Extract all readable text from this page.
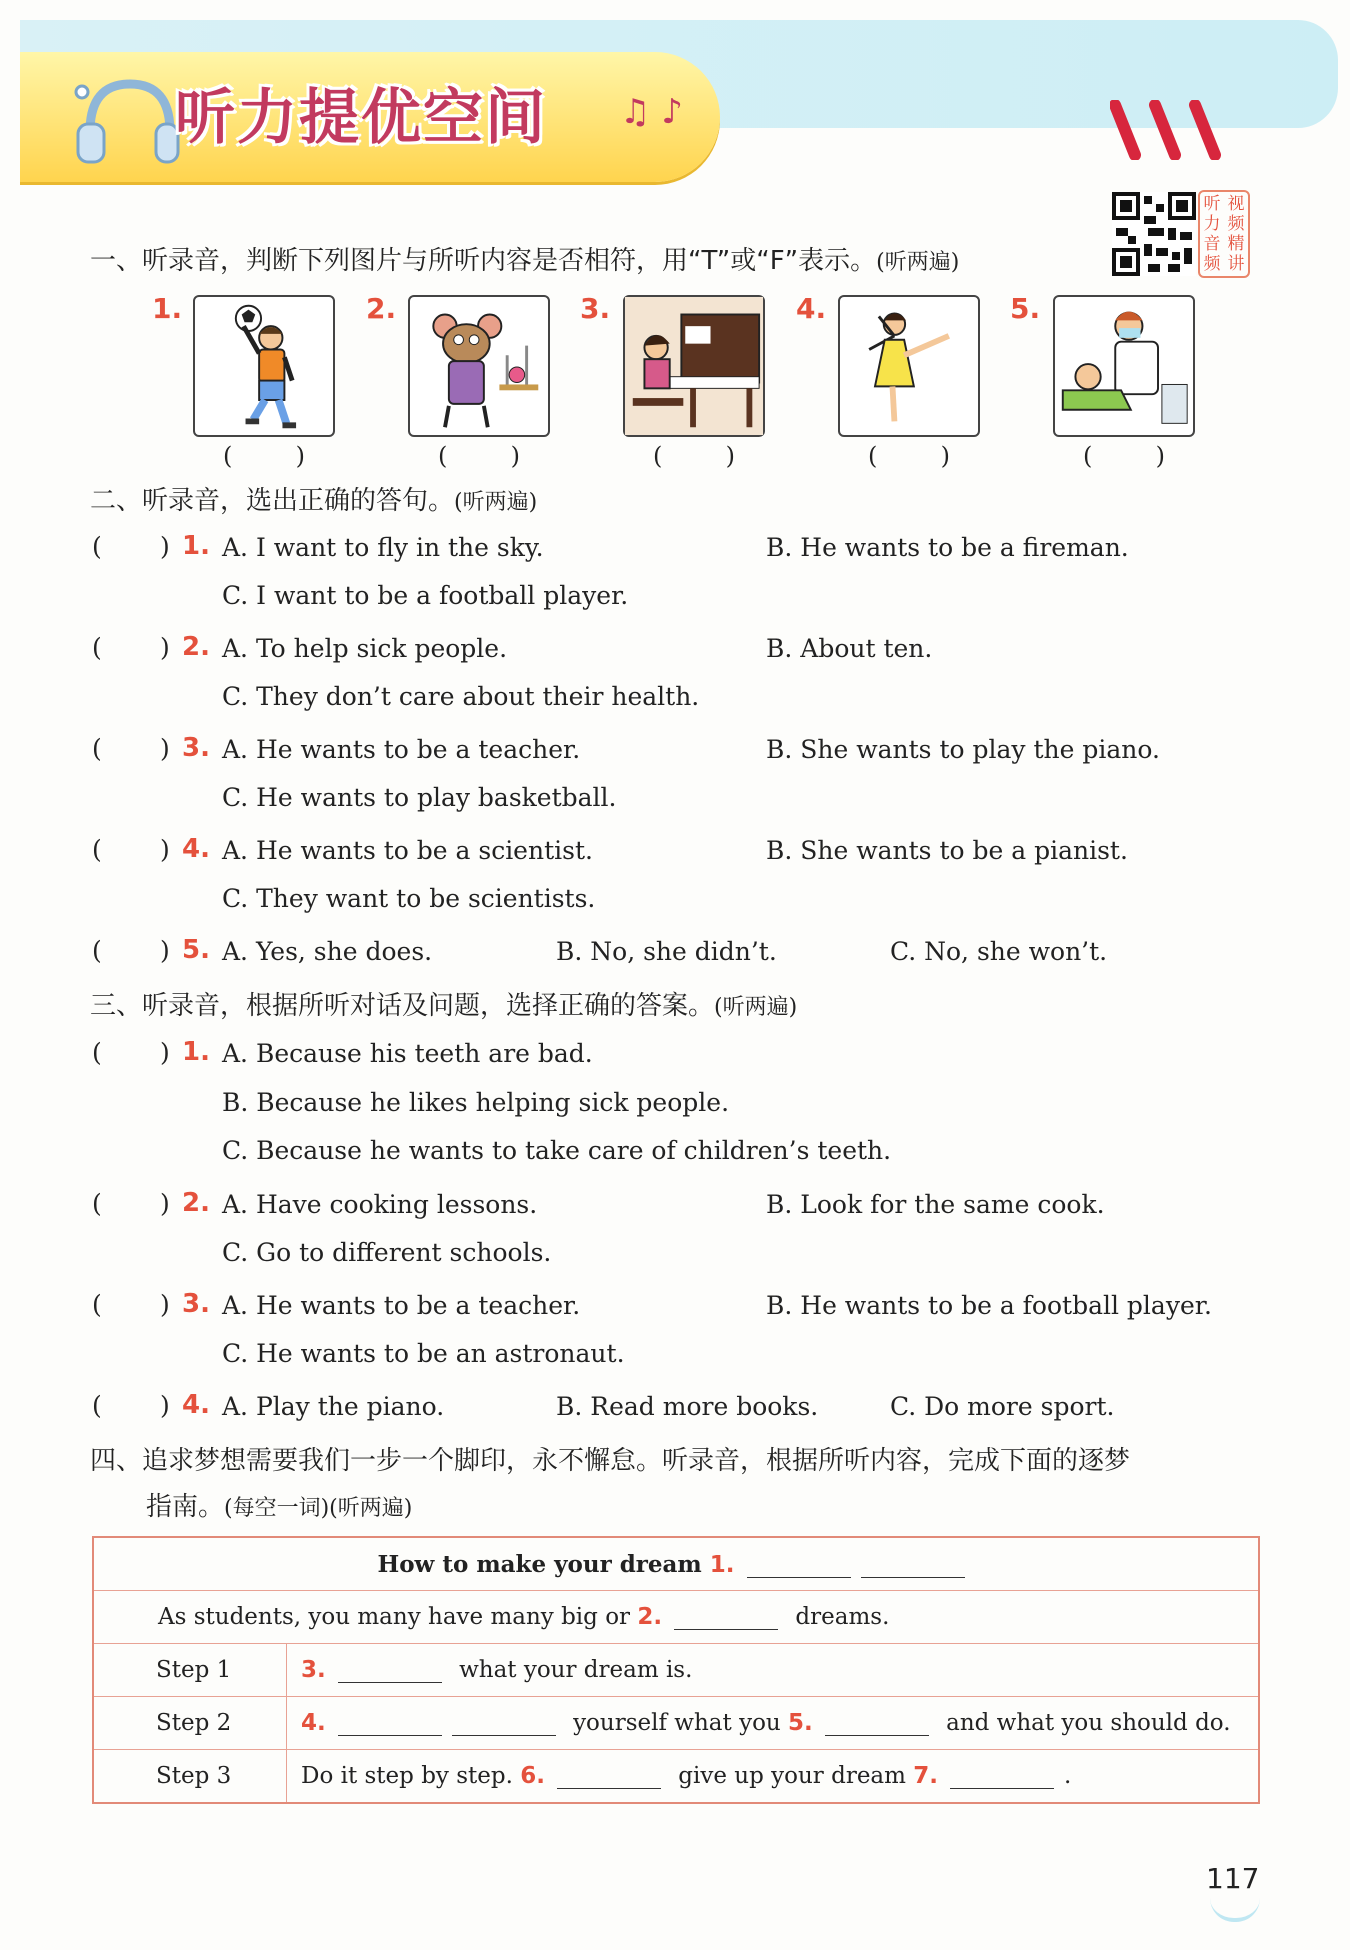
听力提优空间 ♫ ♪
听 视
力 频
音 精
频 讲
一、听录音，判断下列图片与所听内容是否相符，用“T”或“F”表示。(听两遍)
1.
(	)
2.
(	)
3.
(	)
4.
(	)
5.
(	)
二、听录音，选出正确的答句。(听两遍)
( ) 1. A. I want to fly in the sky.	B. He wants to be a fireman.
C. I want to be a football player.
( ) 2. A. To help sick people.	B. About ten.
C. They don’t care about their health.
( ) 3. A. He wants to be a teacher.	B. She wants to play the piano.
C. He wants to play basketball.
( ) 4. A. He wants to be a scientist.	B. She wants to be a pianist.
C. They want to be scientists.
( ) 5. A. Yes, she does.	B. No, she didn’t.	C. No, she won’t.
三、听录音，根据所听对话及问题，选择正确的答案。(听两遍)
( ) 1. A. Because his teeth are bad.
B. Because he likes helping sick people.
C. Because he wants to take care of children’s teeth.
( ) 2. A. Have cooking lessons.	B. Look for the same cook.
C. Go to different schools.
( ) 3. A. He wants to be a teacher.	B. He wants to be a football player.
C. He wants to be an astronaut.
( ) 4. A. Play the piano.	B. Read more books.	C. Do more sport.
四、追求梦想需要我们一步一个脚印，永不懈怠。听录音，根据所听内容，完成下面的逐梦
指南。(每空一词)(听两遍)
How to make your dream 1.	
As students, you many have many big or 2. dreams.	
Step 1	3. what your dream is.
Step 2	4. yourself what you 5. and what you should do.
Step 3	Do it step by step. 6. give up your dream 7. .
117
